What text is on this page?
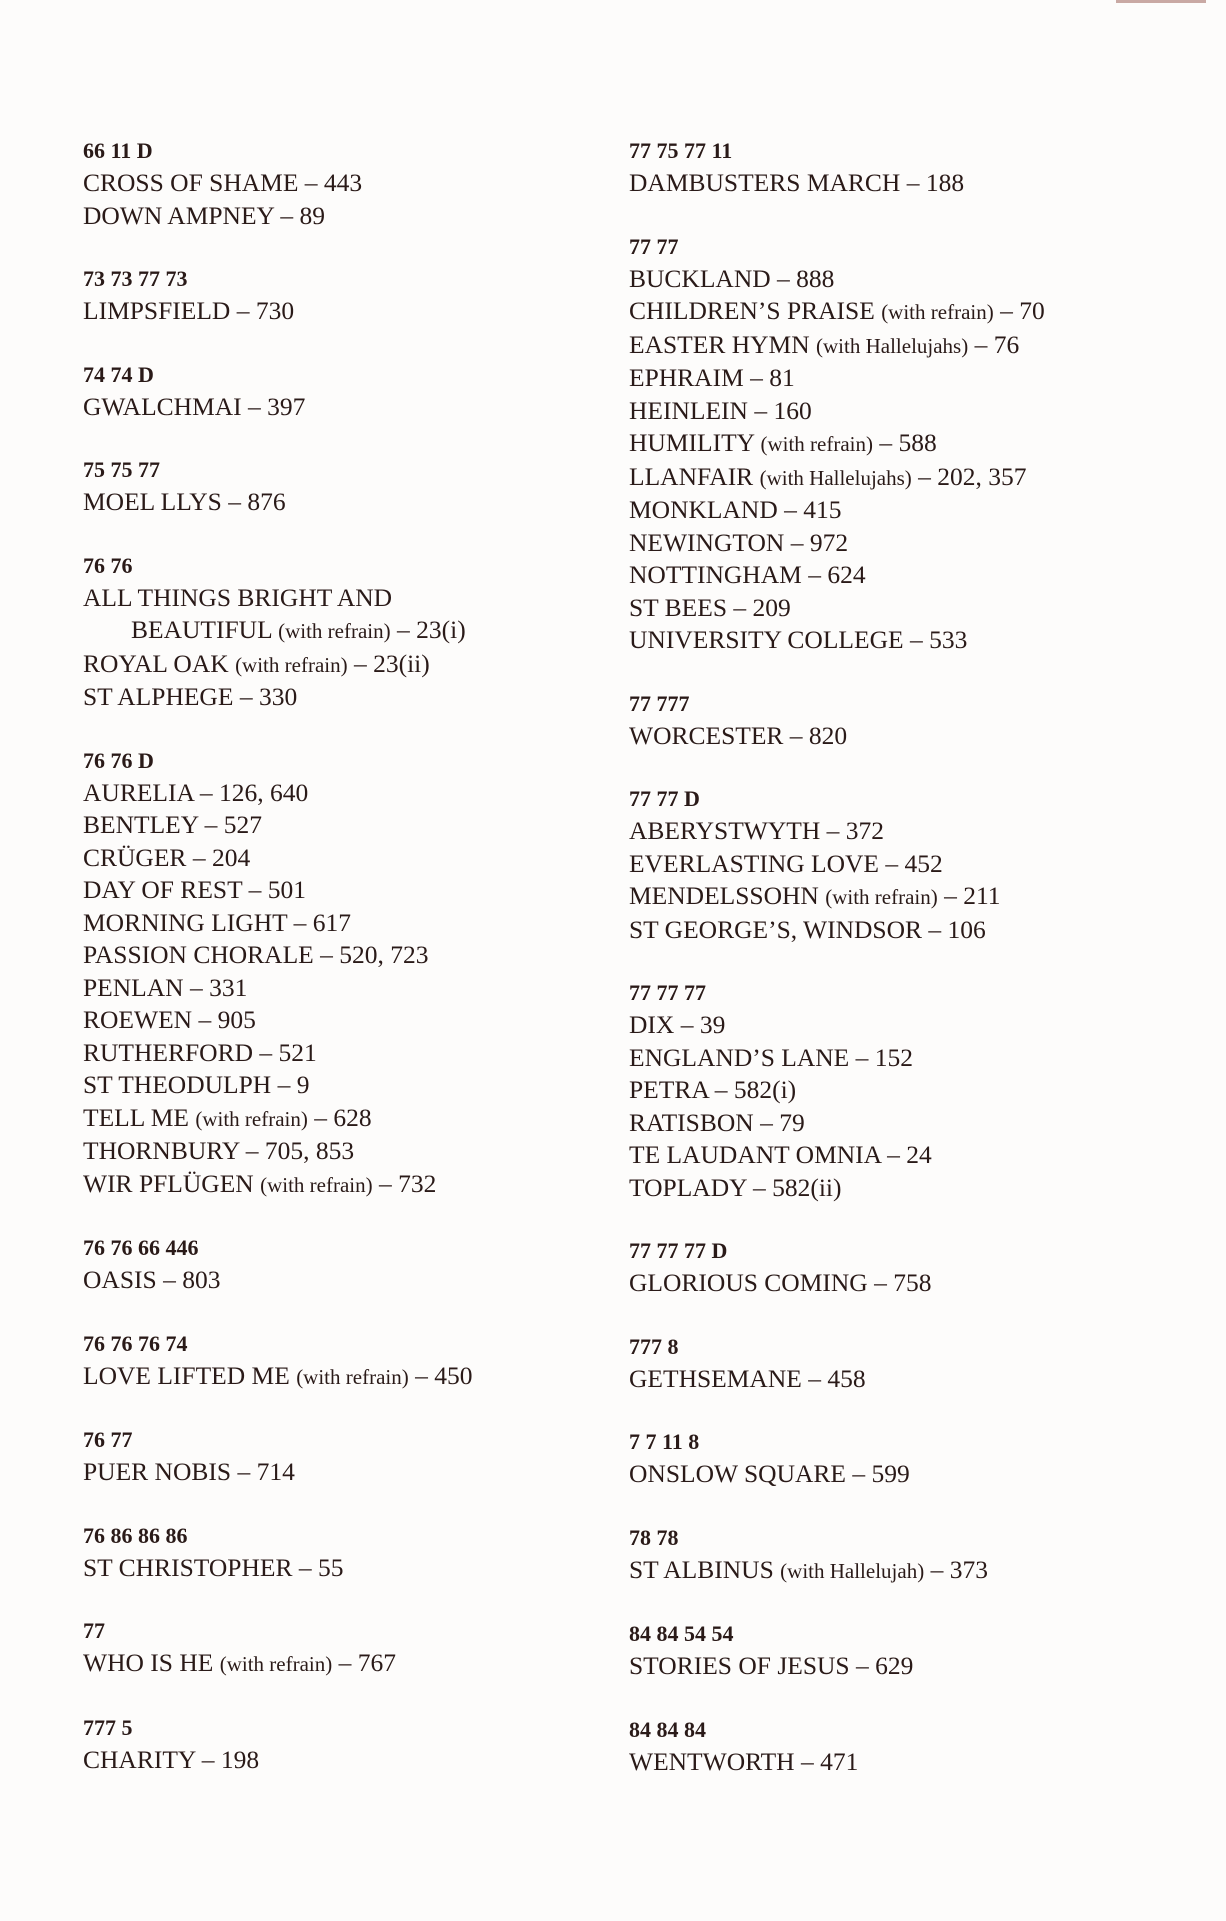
66 11 D
CROSS OF SHAME – 443
DOWN AMPNEY – 89
73 73 77 73
LIMPSFIELD – 730
74 74 D
GWALCHMAI – 397
75 75 77
MOEL LLYS – 876
76 76
ALL THINGS BRIGHT AND
BEAUTIFUL (with refrain) – 23(i)
ROYAL OAK (with refrain) – 23(ii)
ST ALPHEGE – 330
76 76 D
AURELIA – 126, 640
BENTLEY – 527
CRÜGER – 204
DAY OF REST – 501
MORNING LIGHT – 617
PASSION CHORALE – 520, 723
PENLAN – 331
ROEWEN – 905
RUTHERFORD – 521
ST THEODULPH – 9
TELL ME (with refrain) – 628
THORNBURY – 705, 853
WIR PFLÜGEN (with refrain) – 732
76 76 66 446
OASIS – 803
76 76 76 74
LOVE LIFTED ME (with refrain) – 450
76 77
PUER NOBIS – 714
76 86 86 86
ST CHRISTOPHER – 55
77
WHO IS HE (with refrain) – 767
777 5
CHARITY – 198
77 75 77 11
DAMBUSTERS MARCH – 188
77 77
BUCKLAND – 888
CHILDREN’S PRAISE (with refrain) – 70
EASTER HYMN (with Hallelujahs) – 76
EPHRAIM – 81
HEINLEIN – 160
HUMILITY (with refrain) – 588
LLANFAIR (with Hallelujahs) – 202, 357
MONKLAND – 415
NEWINGTON – 972
NOTTINGHAM – 624
ST BEES – 209
UNIVERSITY COLLEGE – 533
77 777
WORCESTER – 820
77 77 D
ABERYSTWYTH – 372
EVERLASTING LOVE – 452
MENDELSSOHN (with refrain) – 211
ST GEORGE’S, WINDSOR – 106
77 77 77
DIX – 39
ENGLAND’S LANE – 152
PETRA – 582(i)
RATISBON – 79
TE LAUDANT OMNIA – 24
TOPLADY – 582(ii)
77 77 77 D
GLORIOUS COMING – 758
777 8
GETHSEMANE – 458
7 7 11 8
ONSLOW SQUARE – 599
78 78
ST ALBINUS (with Hallelujah) – 373
84 84 54 54
STORIES OF JESUS – 629
84 84 84
WENTWORTH – 471
